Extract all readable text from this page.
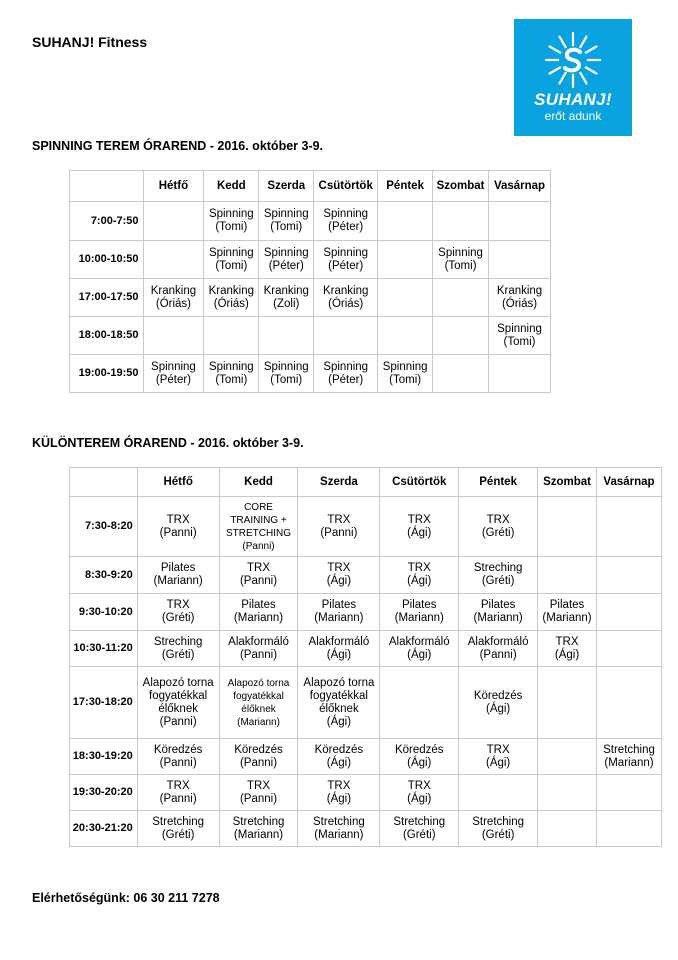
SUHANJ! Fitness
SUHANJ!
erőt adunk
SPINNING TEREM ÓRAREND - 2016. október 3-9.
	Hétfő	Kedd	Szerda	Csütörtök	Péntek	Szombat	Vasárnap
7:00-7:50		Spinning
(Tomi)	Spinning
(Tomi)	Spinning
(Péter)			

10:00-10:50		Spinning
(Tomi)	Spinning
(Péter)	Spinning
(Péter)		Spinning
(Tomi)	

17:00-17:50	Kranking
(Óriás)	Kranking
(Óriás)	Kranking
(Zoli)	Kranking
(Óriás)			Kranking
(Óriás)

18:00-18:50							Spinning
(Tomi)

19:00-19:50	Spinning
(Péter)	Spinning
(Tomi)	Spinning
(Tomi)	Spinning
(Péter)	Spinning
(Tomi)		

KÜLÖNTEREM ÓRAREND - 2016. október 3-9.
	Hétfő	Kedd	Szerda	Csütörtök	Péntek	Szombat	Vasárnap
7:30-8:20	TRX
(Panni)	CORE
TRAINING +
STRETCHING
(Panni)	TRX
(Panni)	TRX
(Ági)	TRX
(Gréti)		

8:30-9:20	Pilates
(Mariann)	TRX
(Panni)	TRX
(Ági)	TRX
(Ági)	Streching
(Gréti)		

9:30-10:20	TRX
(Gréti)	Pilates
(Mariann)	Pilates
(Mariann)	Pilates
(Mariann)	Pilates
(Mariann)	Pilates
(Mariann)	

10:30-11:20	Streching
(Gréti)	Alakformáló
(Panni)	Alakformáló
(Ági)	Alakformáló
(Ági)	Alakformáló
(Panni)	TRX
(Ági)	

17:30-18:20	Alapozó torna
fogyatékkal
élőknek
(Panni)	Alapozó torna
fogyatékkal
élőknek
(Mariann)	Alapozó torna
fogyatékkal
élőknek
(Ági)		Köredzés
(Ági)		

18:30-19:20	Köredzés
(Panni)	Köredzés
(Panni)	Köredzés
(Ági)	Köredzés
(Ági)	TRX
(Ági)		Stretching
(Mariann)

19:30-20:20	TRX
(Panni)	TRX
(Panni)	TRX
(Ági)	TRX
(Ági)			

20:30-21:20	Stretching
(Gréti)	Stretching
(Mariann)	Stretching
(Mariann)	Stretching
(Gréti)	Stretching
(Gréti)		

Elérhetőségünk: 06 30 211 7278
